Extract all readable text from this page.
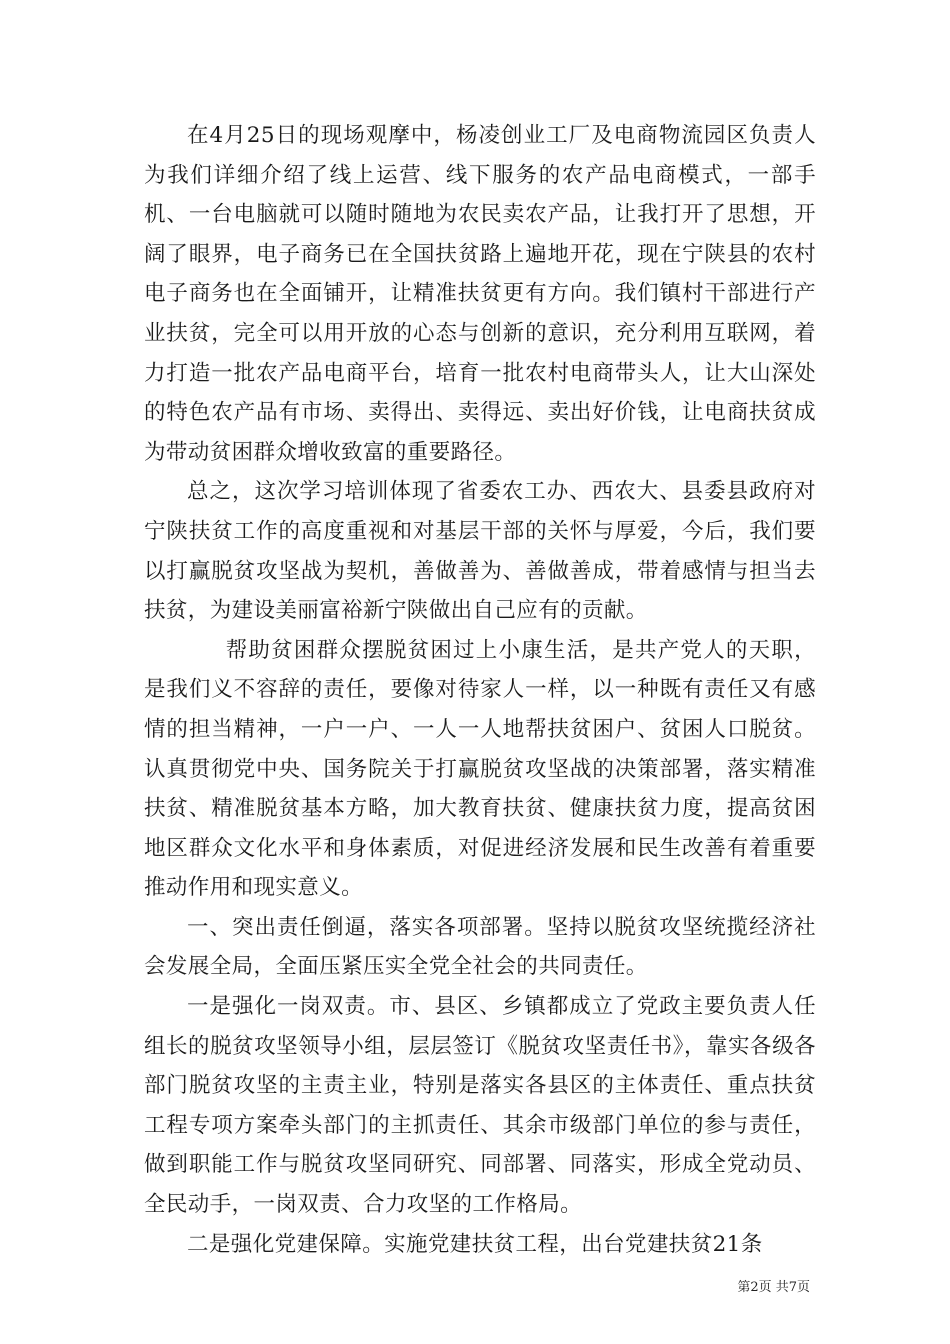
在4月25日的现场观摩中，杨凌创业工厂及电商物流园区负责人为我们详细介绍了线上运营、线下服务的农产品电商模式，一部手机、一台电脑就可以随时随地为农民卖农产品，让我打开了思想，开阔了眼界，电子商务已在全国扶贫路上遍地开花，现在宁陕县的农村电子商务也在全面铺开，让精准扶贫更有方向。我们镇村干部进行产业扶贫，完全可以用开放的心态与创新的意识，充分利用互联网，着力打造一批农产品电商平台，培育一批农村电商带头人，让大山深处的特色农产品有市场、卖得出、卖得远、卖出好价钱，让电商扶贫成为带动贫困群众增收致富的重要路径。

总之，这次学习培训体现了省委农工办、西农大、县委县政府对宁陕扶贫工作的高度重视和对基层干部的关怀与厚爱，今后，我们要以打赢脱贫攻坚战为契机，善做善为、善做善成，带着感情与担当去扶贫，为建设美丽富裕新宁陕做出自己应有的贡献。

帮助贫困群众摆脱贫困过上小康生活，是共产党人的天职，是我们义不容辞的责任，要像对待家人一样，以一种既有责任又有感情的担当精神，一户一户、一人一人地帮扶贫困户、贫困人口脱贫。认真贯彻党中央、国务院关于打赢脱贫攻坚战的决策部署，落实精准扶贫、精准脱贫基本方略，加大教育扶贫、健康扶贫力度，提高贫困地区群众文化水平和身体素质，对促进经济发展和民生改善有着重要推动作用和现实意义。

一、突出责任倒逼，落实各项部署。坚持以脱贫攻坚统揽经济社会发展全局，全面压紧压实全党全社会的共同责任。

一是强化一岗双责。市、县区、乡镇都成立了党政主要负责人任组长的脱贫攻坚领导小组，层层签订《脱贫攻坚责任书》，靠实各级各部门脱贫攻坚的主责主业，特别是落实各县区的主体责任、重点扶贫工程专项方案牵头部门的主抓责任、其余市级部门单位的参与责任，做到职能工作与脱贫攻坚同研究、同部署、同落实，形成全党动员、全民动手，一岗双责、合力攻坚的工作格局。

二是强化党建保障。实施党建扶贫工程，出台党建扶贫21条

第2页 共7页
